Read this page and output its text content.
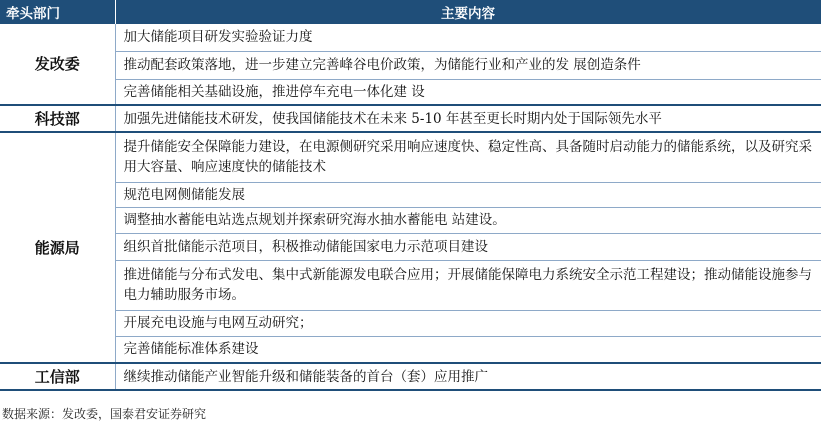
牵头部门	主要内容
发改委	加大储能项目研发实验验证力度
	推动配套政策落地，进一步建立完善峰谷电价政策，为储能行业和产业的发 展创造条件
	完善储能相关基础设施，推进停车充电一体化建 设
科技部	加强先进储能技术研发，使我国储能技术在未来 5-10 年甚至更长时期内处于国际领先水平
能源局	提升储能安全保障能力建设，在电源侧研究采用响应速度快、稳定性高、具备随时启动能力的储能系统，以及研究采用大容量、响应速度快的储能技术
	规范电网侧储能发展
	调整抽水蓄能电站选点规划并探索研究海水抽水蓄能电 站建设。
	组织首批储能示范项目，积极推动储能国家电力示范项目建设
	推进储能与分布式发电、集中式新能源发电联合应用；开展储能保障电力系统安全示范工程建设；推动储能设施参与电力辅助服务市场。
	开展充电设施与电网互动研究；
	完善储能标准体系建设
工信部	继续推动储能产业智能升级和储能装备的首台（套）应用推广
数据来源：发改委，国泰君安证券研究
